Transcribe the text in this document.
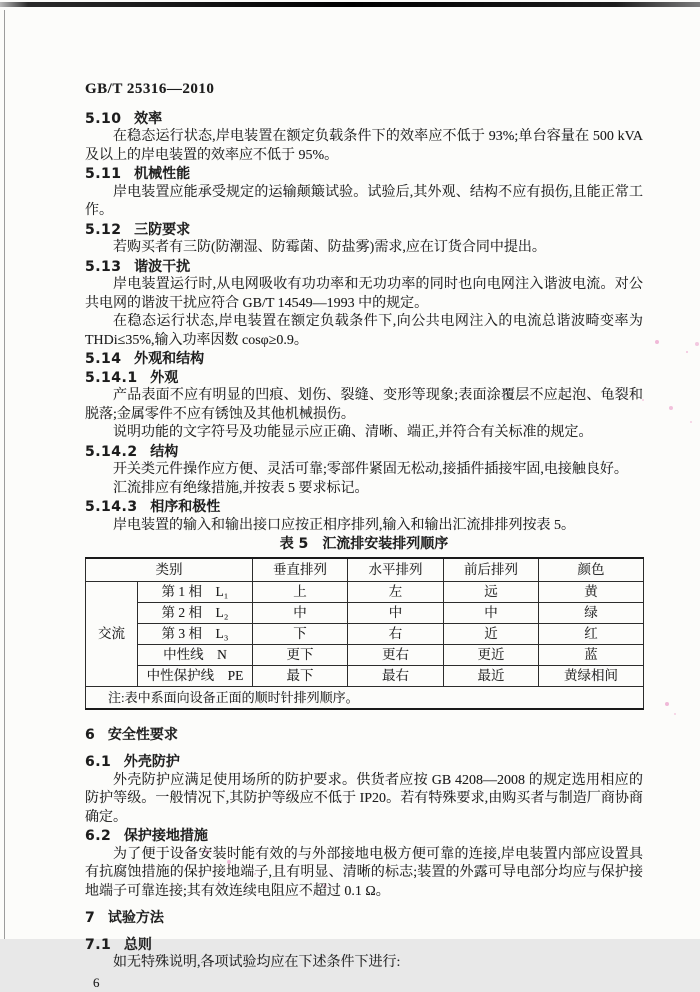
GB/T 25316—2010
5.10 效率

在稳态运行状态,岸电装置在额定负载条件下的效率应不低于 93%;单台容量在 500 kVA 及以上的岸电装置的效率应不低于 95%。

5.11 机械性能

岸电装置应能承受规定的运输颠簸试验。试验后,其外观、结构不应有损伤,且能正常工作。

5.12 三防要求

若购买者有三防(防潮湿、防霉菌、防盐雾)需求,应在订货合同中提出。

5.13 谐波干扰

岸电装置运行时,从电网吸收有功功率和无功功率的同时也向电网注入谐波电流。对公共电网的谐波干扰应符合 GB/T 14549—1993 中的规定。

在稳态运行状态,岸电装置在额定负载条件下,向公共电网注入的电流总谐波畸变率为 THDi≤35%,输入功率因数 cosφ≥0.9。

5.14 外观和结构
5.14.1 外观

产品表面不应有明显的凹痕、划伤、裂缝、变形等现象;表面涂覆层不应起泡、龟裂和脱落;金属零件不应有锈蚀及其他机械损伤。

说明功能的文字符号及功能显示应正确、清晰、端正,并符合有关标准的规定。

5.14.2 结构

开关类元件操作应方便、灵活可靠;零部件紧固无松动,接插件插接牢固,电接触良好。

汇流排应有绝缘措施,并按表 5 要求标记。

5.14.3 相序和极性

岸电装置的输入和输出接口应按正相序排列,输入和输出汇流排排列按表 5。

表 5 汇流排安装排列顺序
类别		垂直排列	水平排列	前后排列	颜色
交流	第 1 相　L₁	上	左	远	黄
	第 2 相　L₂	中	中	中	绿
	第 3 相　L₃	下	右	近	红
	中性线　N	更下	更右	更近	蓝
	中性保护线　PE	最下	最右	最近	黄绿相间
注:表中系面向设备正面的顺时针排列顺序。					
6 安全性要求
6.1 外壳防护

外壳防护应满足使用场所的防护要求。供货者应按 GB 4208—2008 的规定选用相应的防护等级。一般情况下,其防护等级应不低于 IP20。若有特殊要求,由购买者与制造厂商协商确定。

6.2 保护接地措施

为了便于设备安装时能有效的与外部接地电极方便可靠的连接,岸电装置内部应设置具有抗腐蚀措施的保护接地端子,且有明显、清晰的标志;装置的外露可导电部分均应与保护接地端子可靠连接;其有效连续电阻应不超过 0.1 Ω。

7 试验方法
7.1 总则

如无特殊说明,各项试验均应在下述条件下进行:

6
